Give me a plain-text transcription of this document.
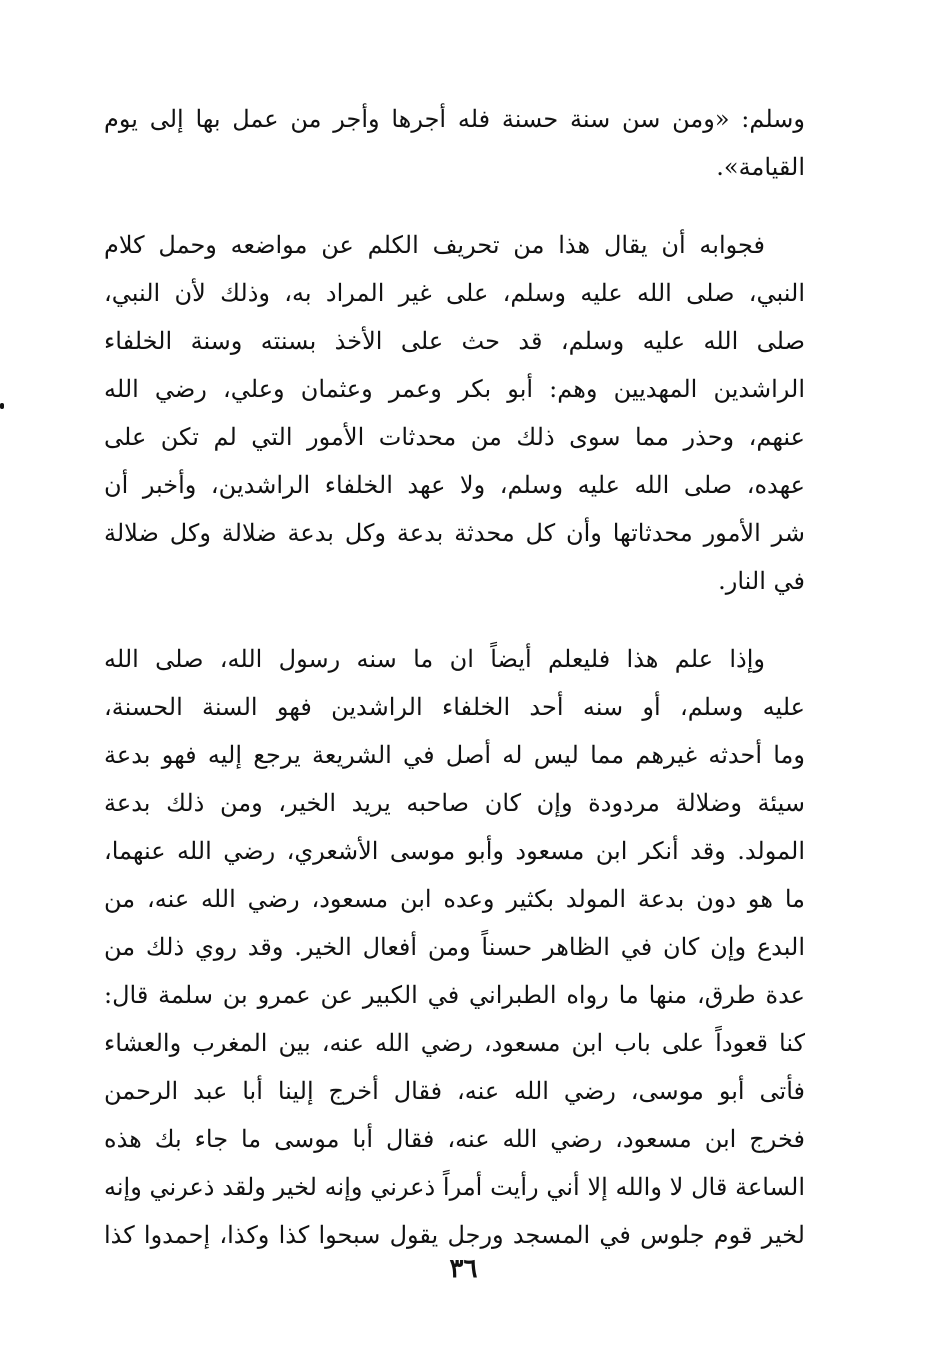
وسلم: «ومن سن سنة حسنة فله أجرها وأجر من عمل بها إلى يوم
القيامة».
فجوابه أن يقال هذا من تحريف الكلم عن مواضعه وحمل كلام
النبي، صلى الله عليه وسلم، على غير المراد به، وذلك لأن النبي،
صلى الله عليه وسلم، قد حث على الأخذ بسنته وسنة الخلفاء
الراشدين المهديين وهم: أبو بكر وعمر وعثمان وعلي، رضي الله
عنهم، وحذر مما سوى ذلك من محدثات الأمور التي لم تكن على
عهده، صلى الله عليه وسلم، ولا عهد الخلفاء الراشدين، وأخبر أن
شر الأمور محدثاتها وأن كل محدثة بدعة وكل بدعة ضلالة وكل ضلالة
في النار.
وإذا علم هذا فليعلم أيضاً ان ما سنه رسول الله، صلى الله
عليه وسلم، أو سنه أحد الخلفاء الراشدين فهو السنة الحسنة،
وما أحدثه غيرهم مما ليس له أصل في الشريعة يرجع إليه فهو بدعة
سيئة وضلالة مردودة وإن كان صاحبه يريد الخير، ومن ذلك بدعة
المولد. وقد أنكر ابن مسعود وأبو موسى الأشعري، رضي الله عنهما،
ما هو دون بدعة المولد بكثير وعده ابن مسعود، رضي الله عنه، من
البدع وإن كان في الظاهر حسناً ومن أفعال الخير. وقد روي ذلك من
عدة طرق، منها ما رواه الطبراني في الكبير عن عمرو بن سلمة قال:
كنا قعوداً على باب ابن مسعود، رضي الله عنه، بين المغرب والعشاء
فأتى أبو موسى، رضي الله عنه، فقال أخرج إلينا أبا عبد الرحمن
فخرج ابن مسعود، رضي الله عنه، فقال أبا موسى ما جاء بك هذه
الساعة قال لا والله إلا أني رأيت أمراً ذعرني وإنه لخير ولقد ذعرني وإنه
لخير قوم جلوس في المسجد ورجل يقول سبحوا كذا وكذا، إحمدوا كذا
٣٦
